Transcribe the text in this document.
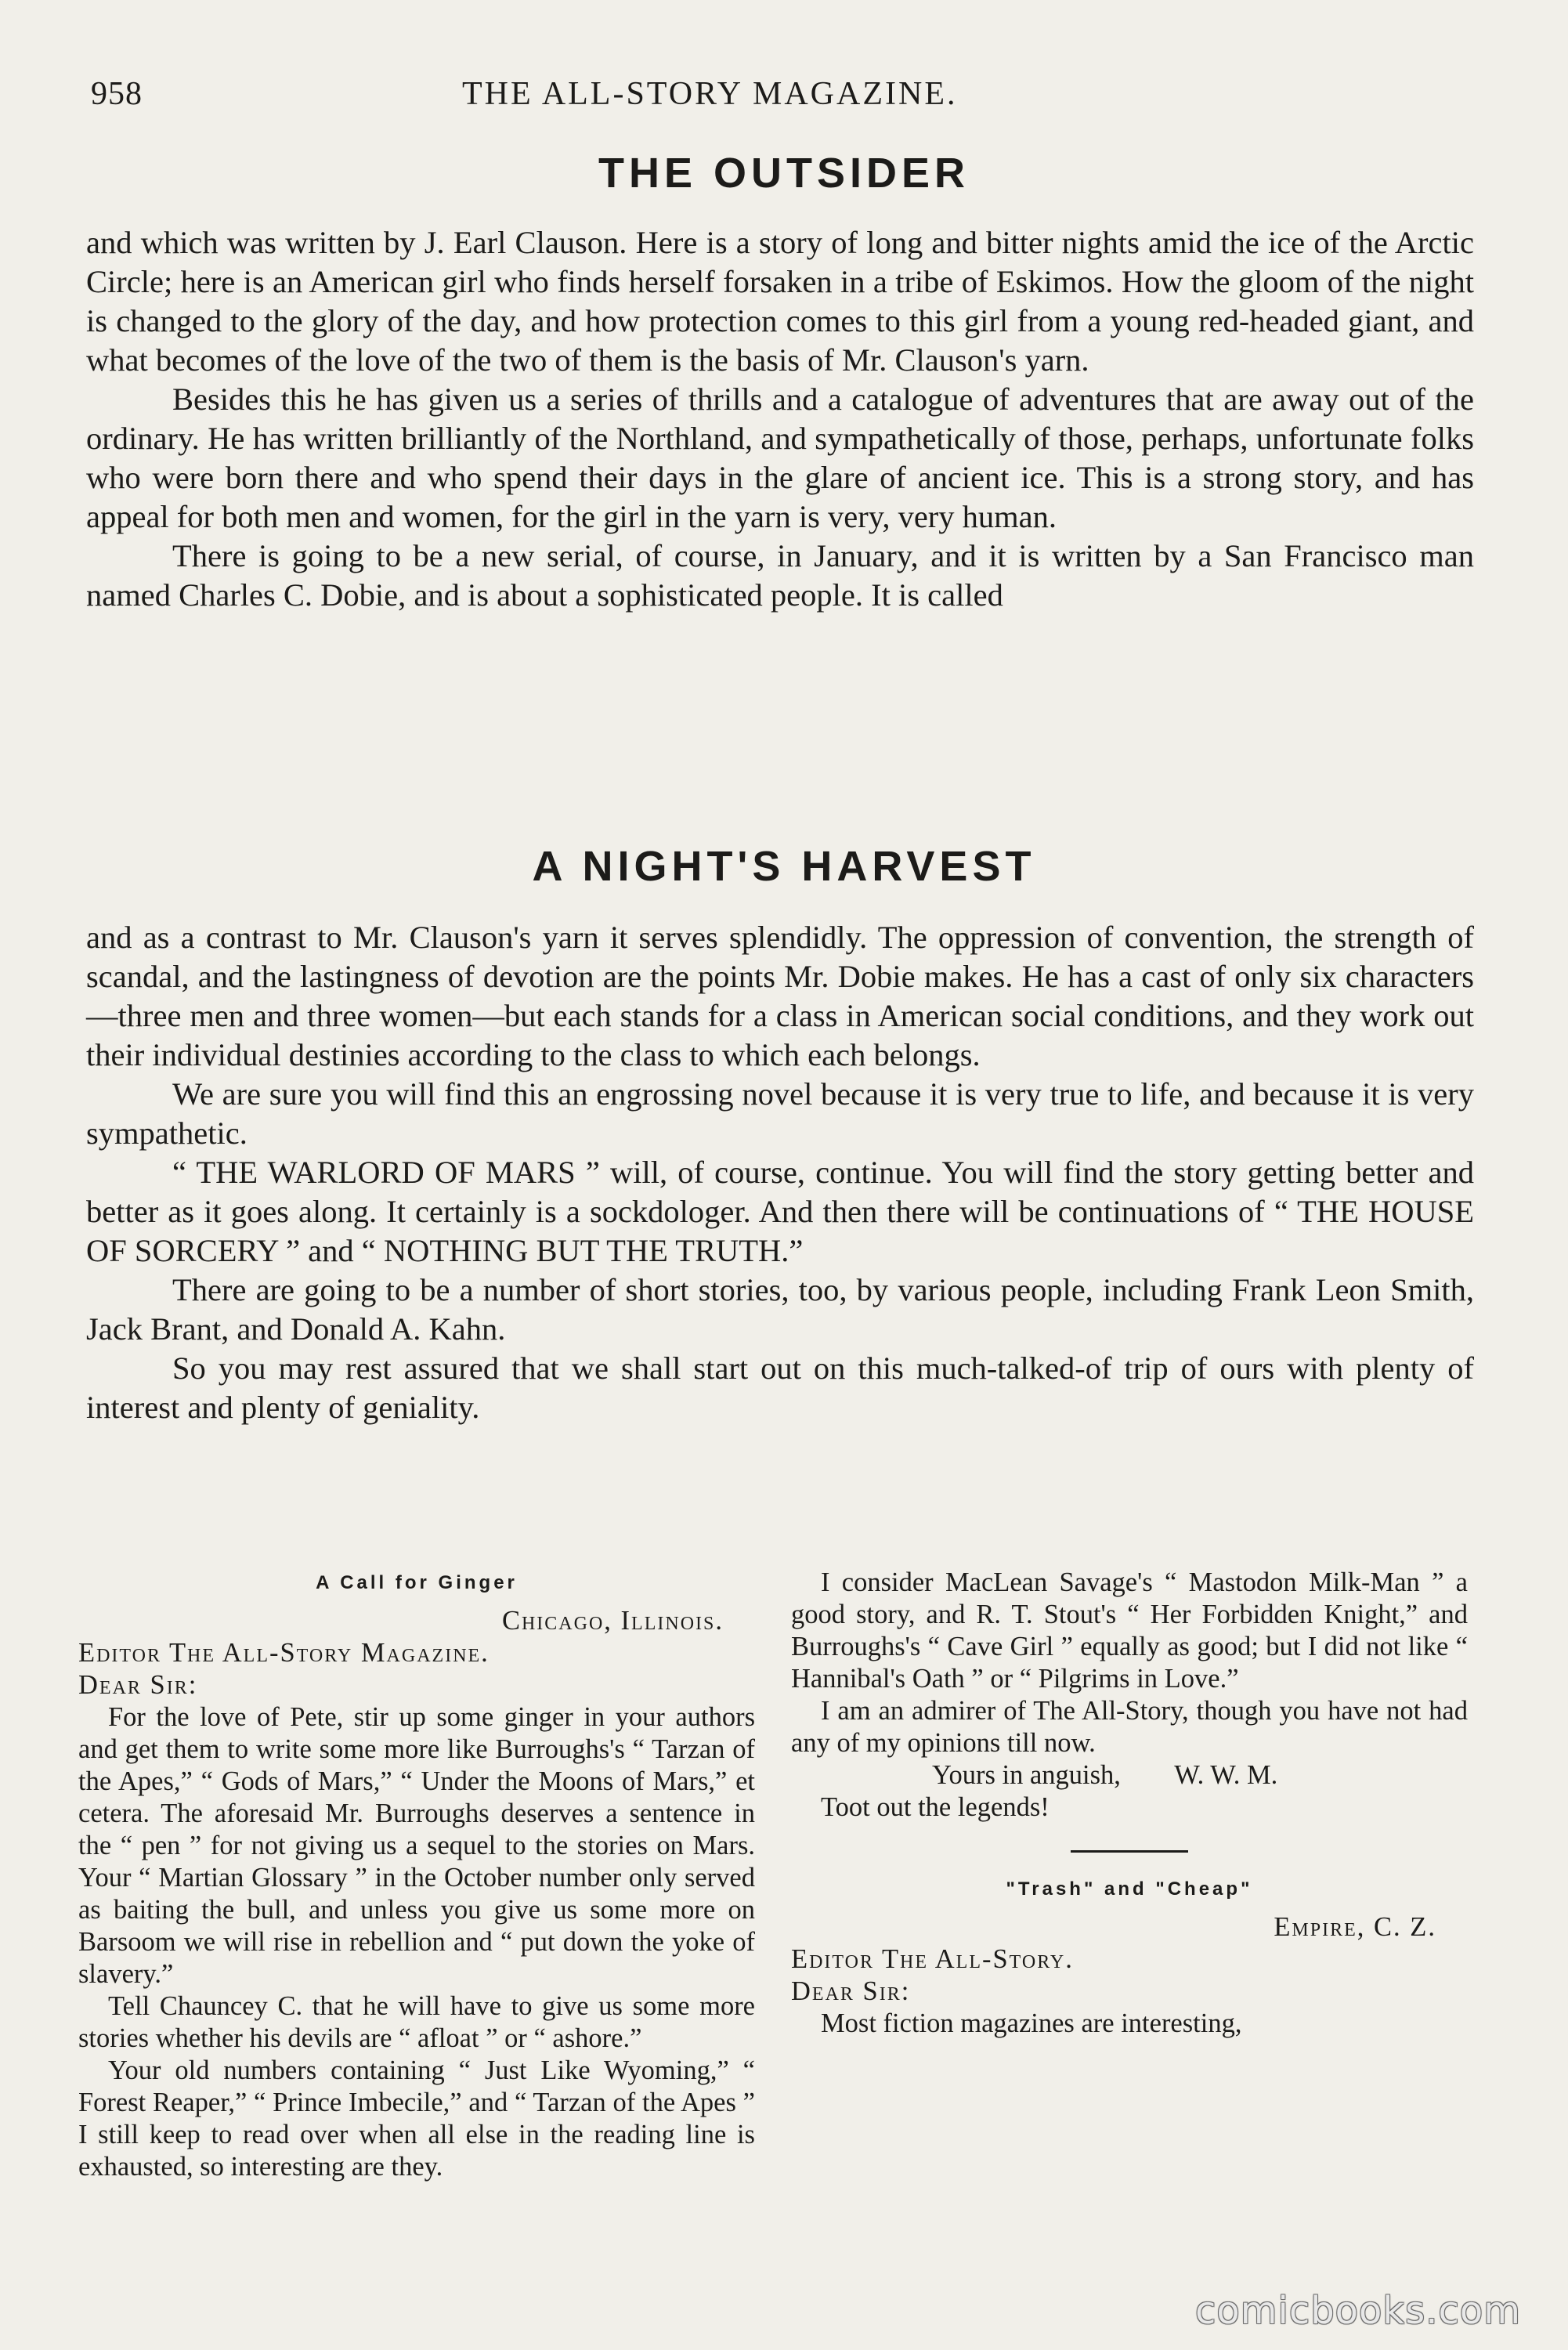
958	THE ALL-STORY MAGAZINE.
THE OUTSIDER

and which was written by J. Earl Clauson. Here is a story of long and bitter nights amid the ice of the Arctic Circle; here is an American girl who finds herself forsaken in a tribe of Eskimos. How the gloom of the night is changed to the glory of the day, and how protection comes to this girl from a young red-headed giant, and what becomes of the love of the two of them is the basis of Mr. Clauson's yarn.

Besides this he has given us a series of thrills and a catalogue of adventures that are away out of the ordinary. He has written brilliantly of the Northland, and sympathetically of those, perhaps, unfortunate folks who were born there and who spend their days in the glare of ancient ice. This is a strong story, and has appeal for both men and women, for the girl in the yarn is very, very human.

There is going to be a new serial, of course, in January, and it is written by a San Francisco man named Charles C. Dobie, and is about a sophisticated people. It is called

A NIGHT'S HARVEST

and as a contrast to Mr. Clauson's yarn it serves splendidly. The oppression of convention, the strength of scandal, and the lastingness of devotion are the points Mr. Dobie makes. He has a cast of only six characters—three men and three women—but each stands for a class in American social conditions, and they work out their individual destinies according to the class to which each belongs.

We are sure you will find this an engrossing novel because it is very true to life, and because it is very sympathetic.

“ THE WARLORD OF MARS ” will, of course, continue. You will find the story getting better and better as it goes along. It certainly is a sockdologer. And then there will be continuations of “ THE HOUSE OF SORCERY ” and “ NOTHING BUT THE TRUTH.”

There are going to be a number of short stories, too, by various people, including Frank Leon Smith, Jack Brant, and Donald A. Kahn.

So you may rest assured that we shall start out on this much-talked-of trip of ours with plenty of interest and plenty of geniality.

A Call for Ginger
Chicago, Illinois.
Editor The All-Story Magazine.
Dear Sir:

For the love of Pete, stir up some ginger in your authors and get them to write some more like Burroughs's “ Tarzan of the Apes,” “ Gods of Mars,” “ Under the Moons of Mars,” et cetera. The aforesaid Mr. Burroughs deserves a sentence in the “ pen ” for not giving us a sequel to the stories on Mars. Your “ Martian Glossary ” in the October number only served as baiting the bull, and unless you give us some more on Barsoom we will rise in rebellion and “ put down the yoke of slavery.”

Tell Chauncey C. that he will have to give us some more stories whether his devils are “ afloat ” or “ ashore.”

Your old numbers containing “ Just Like Wyoming,” “ Forest Reaper,” “ Prince Imbecile,” and “ Tarzan of the Apes ” I still keep to read over when all else in the reading line is exhausted, so interesting are they.

I consider MacLean Savage's “ Mastodon Milk-Man ” a good story, and R. T. Stout's “ Her Forbidden Knight,” and Burroughs's “ Cave Girl ” equally as good; but I did not like “ Hannibal's Oath ” or “ Pilgrims in Love.”

I am an admirer of The All-Story, though you have not had any of my opinions till now.

Yours in anguish,        W. W. M.

Toot out the legends!

"Trash" and "Cheap"
Empire, C. Z.
Editor The All-Story.
Dear Sir:

Most fiction magazines are interesting,

comicbooks.com
